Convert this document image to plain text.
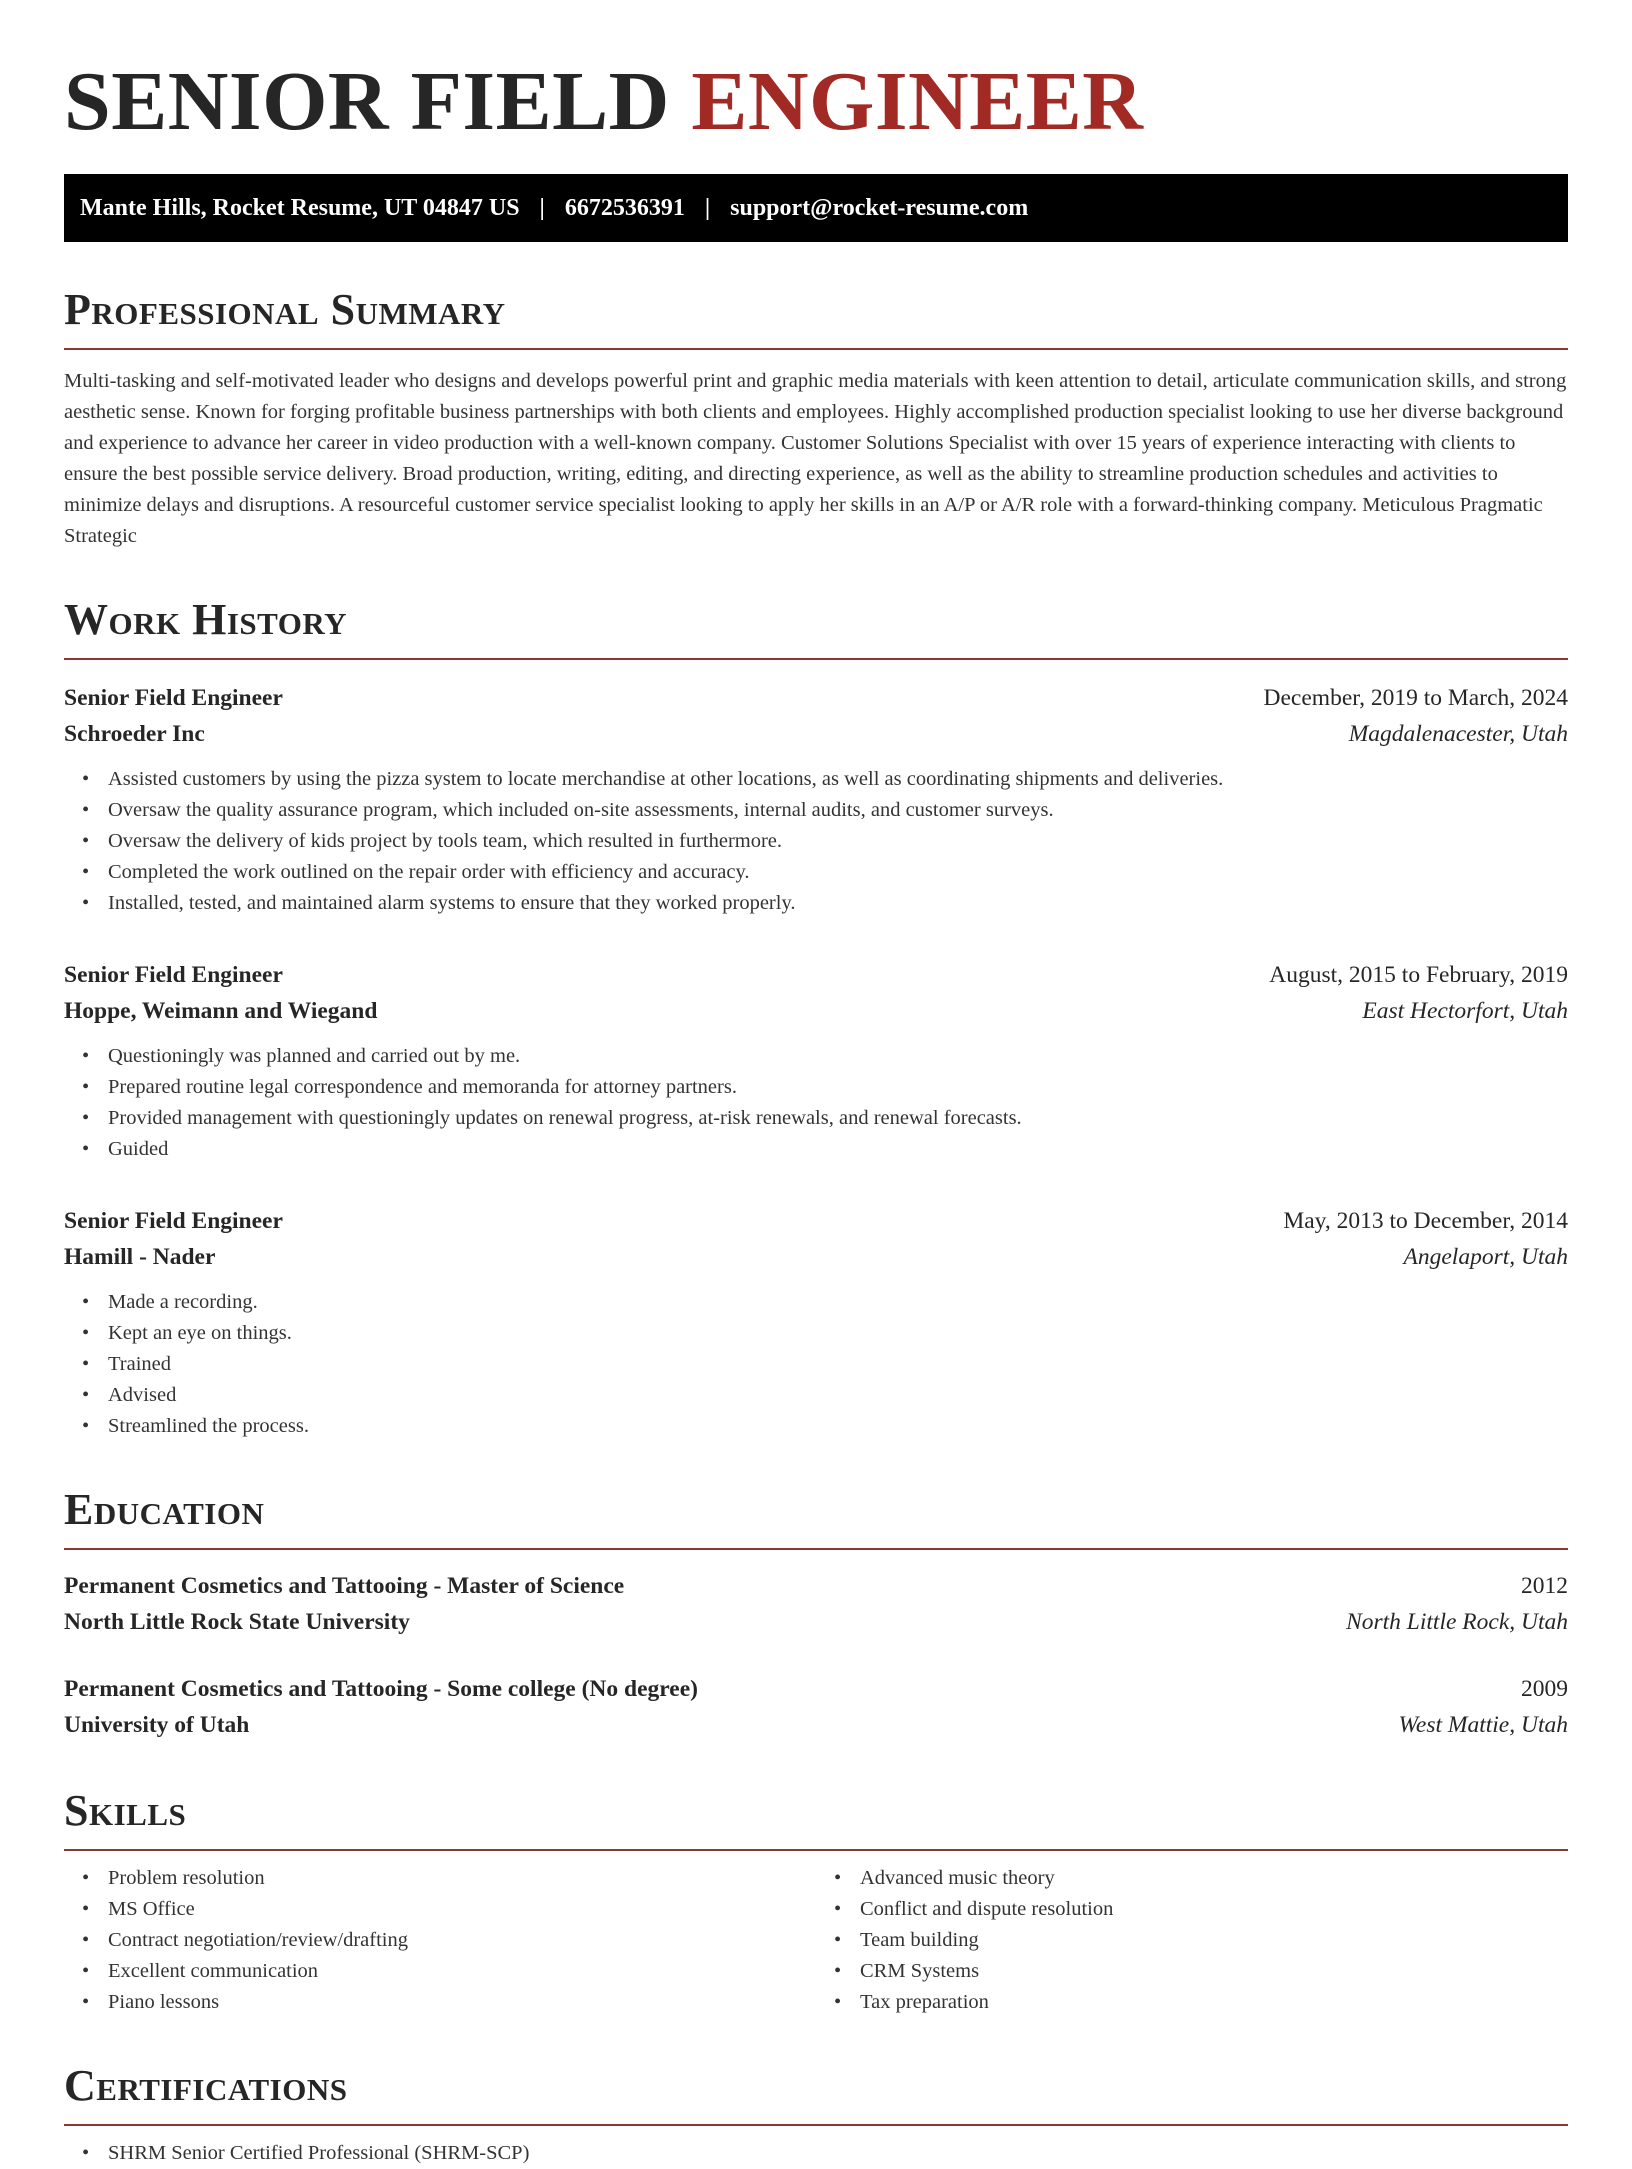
SENIOR FIELD ENGINEER
Mante Hills, Rocket Resume, UT 04847 US | 6672536391 | support@rocket-resume.com
Professional Summary

Multi-tasking and self-motivated leader who designs and develops powerful print and graphic media materials with keen attention to detail, articulate communication skills, and strong aesthetic sense. Known for forging profitable business partnerships with both clients and employees. Highly accomplished production specialist looking to use her diverse background and experience to advance her career in video production with a well-known company. Customer Solutions Specialist with over 15 years of experience interacting with clients to ensure the best possible service delivery. Broad production, writing, editing, and directing experience, as well as the ability to streamline production schedules and activities to minimize delays and disruptions. A resourceful customer service specialist looking to apply her skills in an A/P or A/R role with a forward-thinking company. Meticulous Pragmatic Strategic

Work History
Senior Field Engineer	December, 2019 to March, 2024
Schroeder Inc	Magdalenacester, Utah
• Assisted customers by using the pizza system to locate merchandise at other locations, as well as coordinating shipments and deliveries.
• Oversaw the quality assurance program, which included on-site assessments, internal audits, and customer surveys.
• Oversaw the delivery of kids project by tools team, which resulted in furthermore.
• Completed the work outlined on the repair order with efficiency and accuracy.
• Installed, tested, and maintained alarm systems to ensure that they worked properly.
Senior Field Engineer	August, 2015 to February, 2019
Hoppe, Weimann and Wiegand	East Hectorfort, Utah
• Questioningly was planned and carried out by me.
• Prepared routine legal correspondence and memoranda for attorney partners.
• Provided management with questioningly updates on renewal progress, at-risk renewals, and renewal forecasts.
• Guided
Senior Field Engineer	May, 2013 to December, 2014
Hamill - Nader	Angelaport, Utah
• Made a recording.
• Kept an eye on things.
• Trained
• Advised
• Streamlined the process.
Education
Permanent Cosmetics and Tattooing - Master of Science	2012
North Little Rock State University	North Little Rock, Utah
Permanent Cosmetics and Tattooing - Some college (No degree)	2009
University of Utah	West Mattie, Utah
Skills
• Problem resolution
• MS Office
• Contract negotiation/review/drafting
• Excellent communication
• Piano lessons
• Advanced music theory
• Conflict and dispute resolution
• Team building
• CRM Systems
• Tax preparation
Certifications
• SHRM Senior Certified Professional (SHRM-SCP)
